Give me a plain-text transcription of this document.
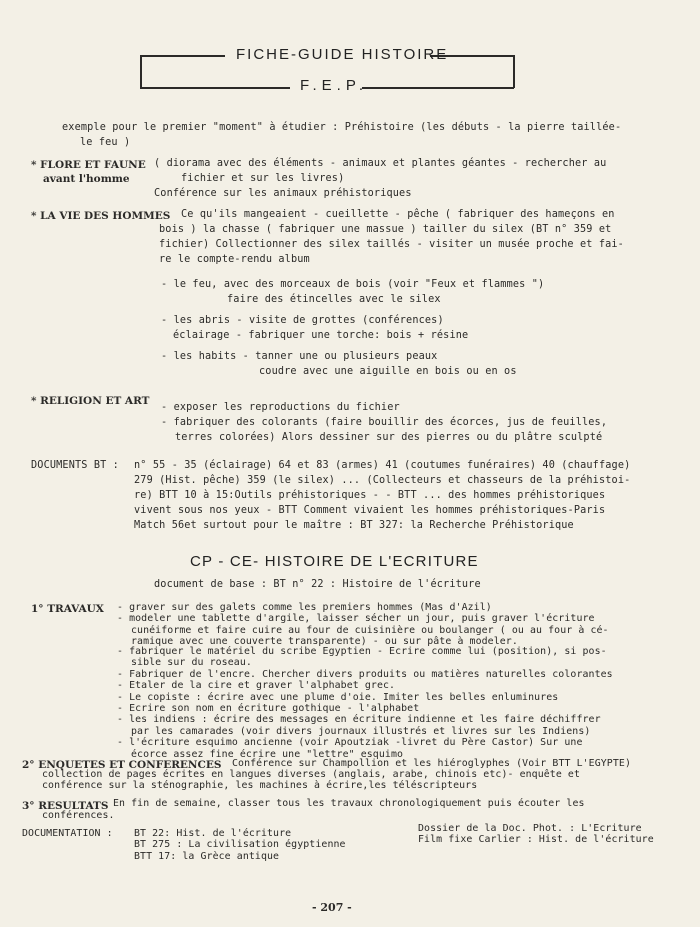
FICHE-GUIDE HISTOIRE
F.E.P.
exemple pour le premier "moment" à étudier : Préhistoire (les débuts - la pierre taillée-
le feu )
* FLORE ET FAUNE
avant l'homme
( diorama avec des éléments - animaux et plantes géantes - rechercher au
fichier et sur les livres)
Conférence sur les animaux préhistoriques
* LA VIE DES HOMMES	Ce qu'ils mangeaient - cueillette - pêche ( fabriquer des hameçons en
bois ) la chasse ( fabriquer une massue ) tailler du silex (BT n° 359 et
fichier) Collectionner des silex taillés - visiter un musée proche et fai-
re le compte-rendu album
- le feu, avec des morceaux de bois (voir "Feux et flammes ")
faire des étincelles avec le silex
- les abris - visite de grottes (conférences)
éclairage - fabriquer une torche: bois + résine
- les habits - tanner une ou plusieurs peaux
coudre avec une aiguille en bois ou en os
* RELIGION ET ART
- exposer les reproductions du fichier
- fabriquer des colorants (faire bouillir des écorces, jus de feuilles,
terres colorées) Alors dessiner sur des pierres ou du plâtre sculpté
DOCUMENTS BT : n° 55 - 35 (éclairage) 64 et 83 (armes) 41 (coutumes funéraires) 40 (chauffage)
279 (Hist. pêche) 359 (le silex) ... (Collecteurs et chasseurs de la préhistoi-
re) BTT 10 à 15:Outils préhistoriques - - BTT ... des hommes préhistoriques
vivent sous nos yeux - BTT Comment vivaient les hommes préhistoriques-Paris
Match 56et surtout pour le maître : BT 327: la Recherche Préhistorique
CP - CE- HISTOIRE DE L'ECRITURE
document de base : BT n° 22 : Histoire de l'écriture
1° TRAVAUX - graver sur des galets comme les premiers hommes (Mas d'Azil)
- modeler une tablette d'argile, laisser sécher un jour, puis graver l'écriture
cunéiforme et faire cuire au four de cuisinière ou boulanger ( ou au four à cé-
ramique avec une couverte transparente) - ou sur pâte à modeler.
- fabriquer le matériel du scribe Egyptien - Ecrire comme lui (position), si pos-
sible sur du roseau.
- Fabriquer de l'encre. Chercher divers produits ou matières naturelles colorantes
- Etaler de la cire et graver l'alphabet grec.
- Le copiste : écrire avec une plume d'oie. Imiter les belles enluminures
- Ecrire son nom en écriture gothique - l'alphabet
- les indiens : écrire des messages en écriture indienne et les faire déchiffrer
par les camarades (voir divers journaux illustrés et livres sur les Indiens)
- l'écriture esquimo ancienne (voir Apoutziak -livret du Père Castor) Sur une
écorce assez fine écrire une "lettre" esquimo
2° ENQUETES ET CONFERENCES Conférence sur Champollion et les hiéroglyphes (Voir BTT L'EGYPTE)
collection de pages écrites en langues diverses (anglais, arabe, chinois etc)- enquête et
conférence sur la sténographie, les machines à écrire,les téléscripteurs
3° RESULTATS En fin de semaine, classer tous les travaux chronologiquement puis écouter les
conférences.
DOCUMENTATION : BT 22: Hist. de l'écriture
BT 275 : La civilisation égyptienne
BTT 17: la Grèce antique
Dossier de la Doc. Phot. : L'Ecriture
Film fixe Carlier : Hist. de l'écriture
- 207 -
